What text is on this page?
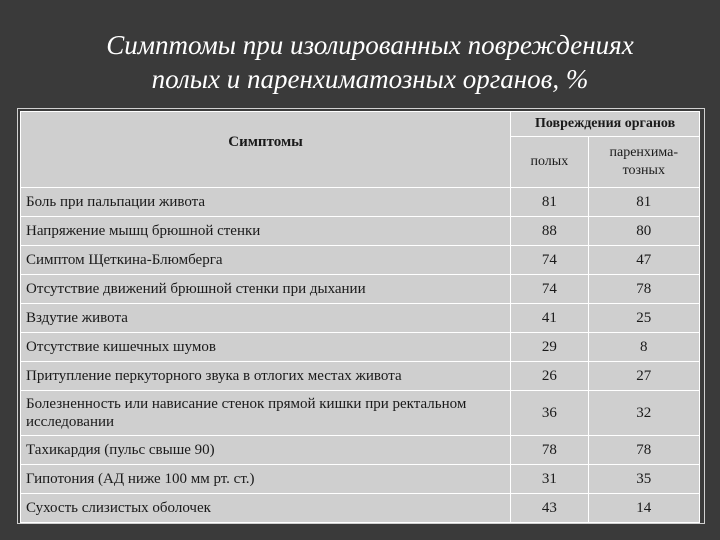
Симптомы при изолированных повреждениях
полых и паренхиматозных органов, %
Симптомы	Повреждения органов	
	полых	паренхима-
тозных
Боль при пальпации живота	81	81
Напряжение мышц брюшной стенки	88	80
Симптом Щеткина-Блюмберга	74	47
Отсутствие движений брюшной стенки при дыхании	74	78
Вздутие живота	41	25
Отсутствие кишечных шумов	29	8
Притупление перкуторного звука в отлогих местах живота	26	27
Болезненность или нависание стенок прямой кишки при ректальном исследовании	36	32
Тахикардия (пульс свыше 90)	78	78
Гипотония (АД ниже 100 мм рт. ст.)	31	35
Сухость слизистых оболочек	43	14
